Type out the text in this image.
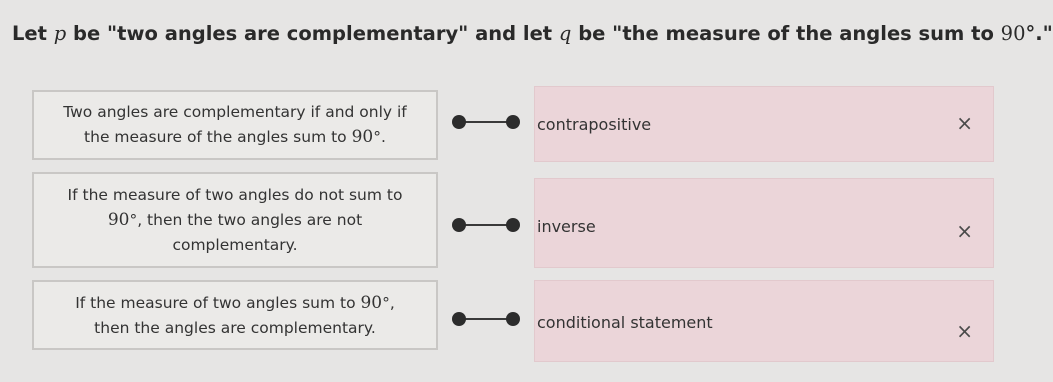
Let p be "two angles are complementary" and let q be "the measure of the angles sum to 90°."
Two angles are complementary if and only if
the measure of the angles sum to 90°.
contrapositive	×
If the measure of two angles do not sum to
90°, then the two angles are not
complementary.
inverse	×
If the measure of two angles sum to 90°,
then the angles are complementary.	conditional statement	×
